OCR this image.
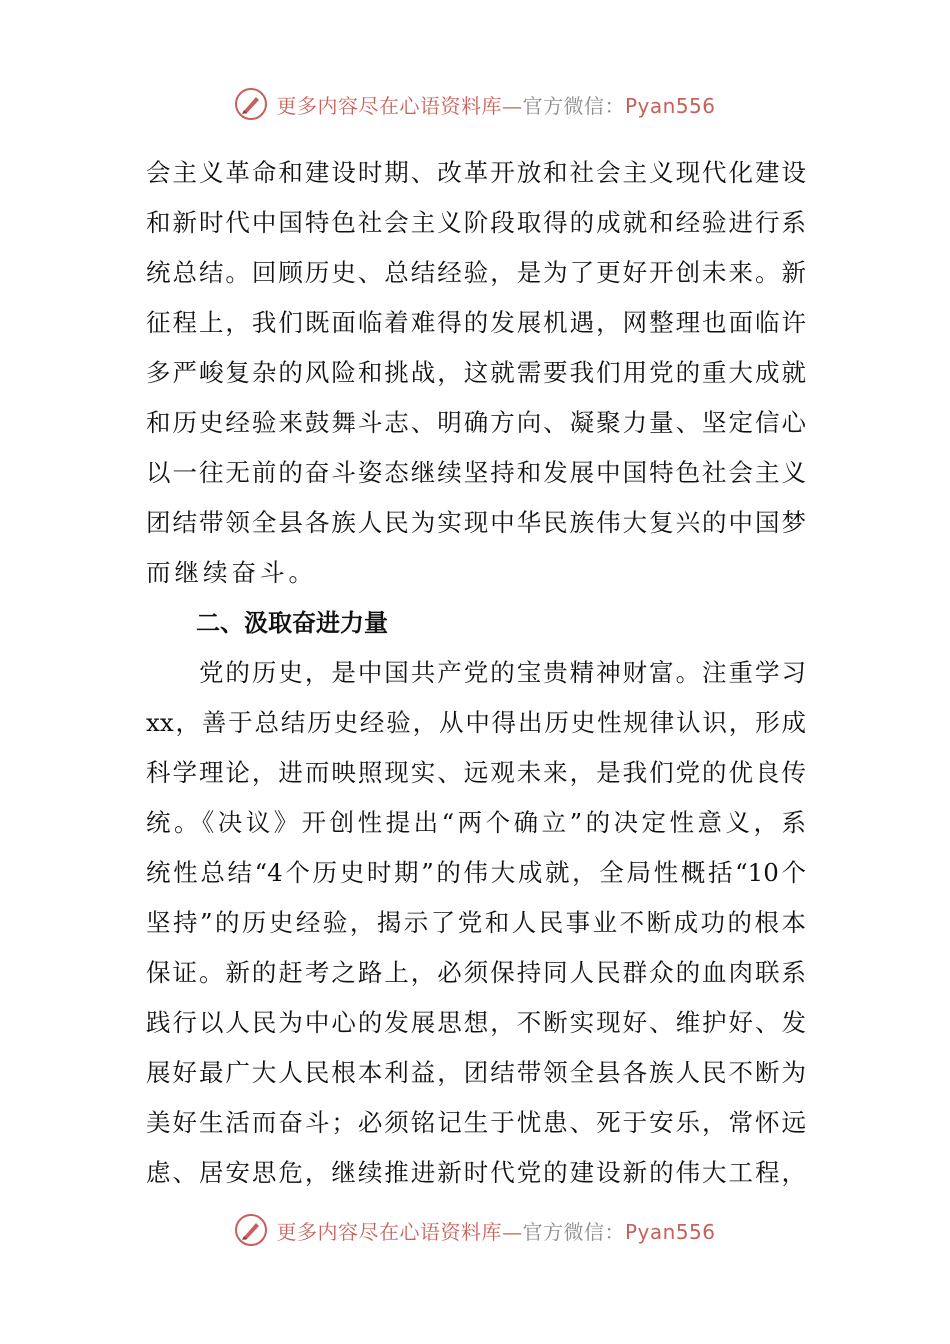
更多内容尽在心语资料库—官方微信：Pyan556
会主义革命和建设时期、改革开放和社会主义现代化建设
和新时代中国特色社会主义阶段取得的成就和经验进行系
统总结。回顾历史、总结经验，是为了更好开创未来。新
征程上，我们既面临着难得的发展机遇，网整理也面临许
多严峻复杂的风险和挑战，这就需要我们用党的重大成就
和历史经验来鼓舞斗志、明确方向、凝聚力量、坚定信心
以一往无前的奋斗姿态继续坚持和发展中国特色社会主义
团结带领全县各族人民为实现中华民族伟大复兴的中国梦
而继续奋斗。
二、汲取奋进力量
　　党的历史，是中国共产党的宝贵精神财富。注重学习
xx，善于总结历史经验，从中得出历史性规律认识，形成
科学理论，进而映照现实、远观未来，是我们党的优良传
统。《决议》开创性提出“两个确立”的决定性意义，系
统性总结“4个历史时期”的伟大成就，全局性概括“10个
坚持”的历史经验，揭示了党和人民事业不断成功的根本
保证。新的赶考之路上，必须保持同人民群众的血肉联系
践行以人民为中心的发展思想，不断实现好、维护好、发
展好最广大人民根本利益，团结带领全县各族人民不断为
美好生活而奋斗；必须铭记生于忧患、死于安乐，常怀远
虑、居安思危，继续推进新时代党的建设新的伟大工程，
更多内容尽在心语资料库—官方微信：Pyan556
